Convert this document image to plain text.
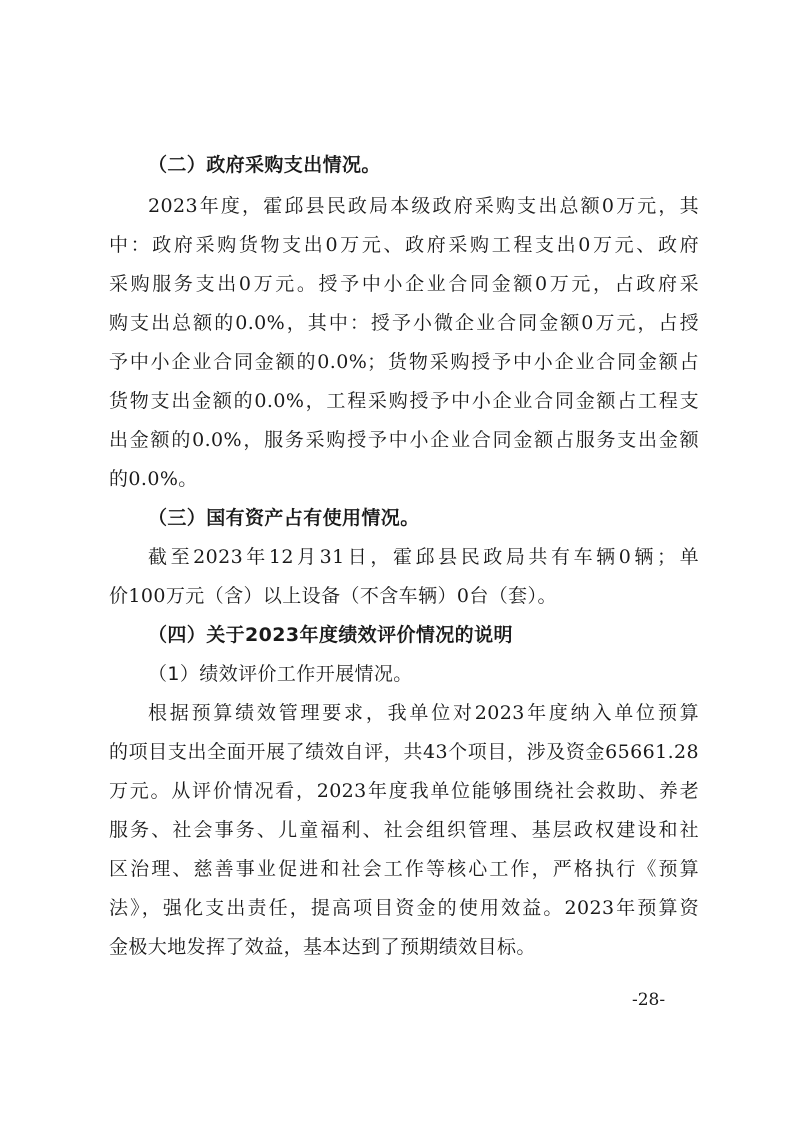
（二）政府采购支出情况。
2023年度，霍邱县民政局本级政府采购支出总额0万元，其
中：政府采购货物支出0万元、政府采购工程支出0万元、政府
采购服务支出0万元。授予中小企业合同金额0万元，占政府采
购支出总额的0.0%，其中：授予小微企业合同金额0万元，占授
予中小企业合同金额的0.0%；货物采购授予中小企业合同金额占
货物支出金额的0.0%，工程采购授予中小企业合同金额占工程支
出金额的0.0%，服务采购授予中小企业合同金额占服务支出金额
的0.0%。
（三）国有资产占有使用情况。
截至2023年12月31日，霍邱县民政局共有车辆0辆；单
价100万元（含）以上设备（不含车辆）0台（套）。
（四）关于2023年度绩效评价情况的说明
（1）绩效评价工作开展情况。
根据预算绩效管理要求，我单位对2023年度纳入单位预算
的项目支出全面开展了绩效自评，共43个项目，涉及资金65661.28
万元。从评价情况看，2023年度我单位能够围绕社会救助、养老
服务、社会事务、儿童福利、社会组织管理、基层政权建设和社
区治理、慈善事业促进和社会工作等核心工作，严格执行《预算
法》，强化支出责任，提高项目资金的使用效益。2023年预算资
金极大地发挥了效益，基本达到了预期绩效目标。
-28-
